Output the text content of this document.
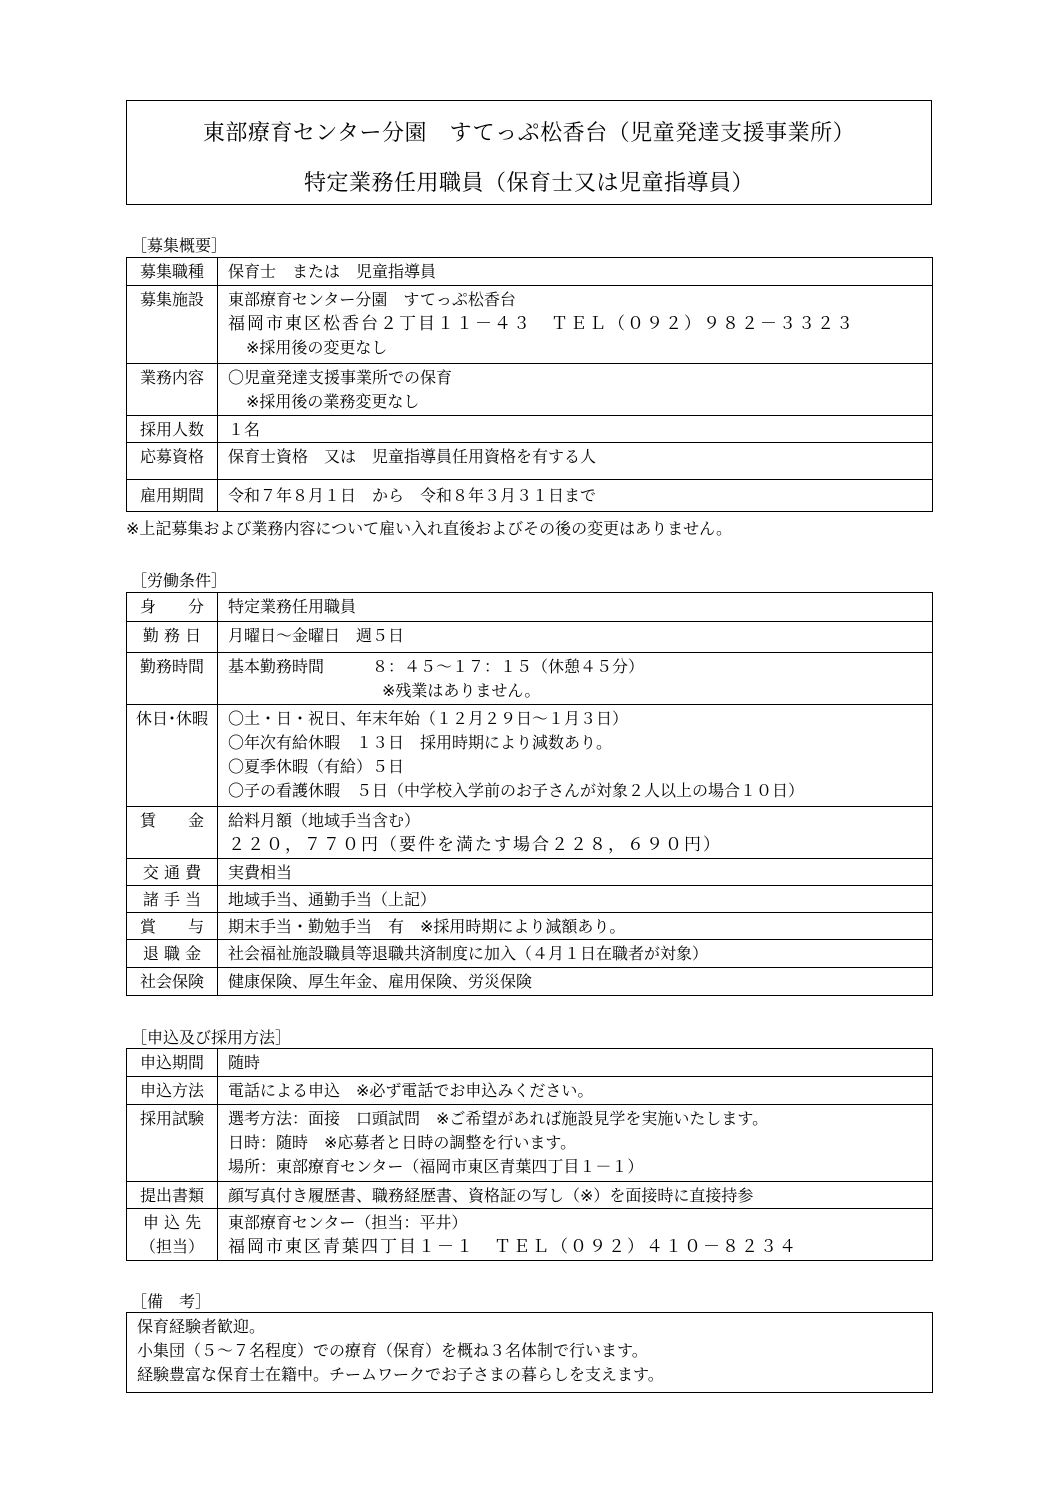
東部療育センター分園　すてっぷ松香台（児童発達支援事業所）
特定業務任用職員（保育士又は児童指導員）
［募集概要］
募集職種	保育士　または　児童指導員

募集施設	東部療育センター分園　すてっぷ松香台
福岡市東区松香台２丁目１１－４３　ＴＥＬ（０９２）９８２－３３２３
※採用後の変更なし

業務内容	〇児童発達支援事業所での保育
※採用後の業務変更なし

採用人数	１名

応募資格	保育士資格　又は　児童指導員任用資格を有する人

雇用期間	令和７年８月１日　から　令和８年３月３１日まで
※上記募集および業務内容について雇い入れ直後およびその後の変更はありません。
［労働条件］
身　　分	特定業務任用職員

勤 務 日	月曜日～金曜日　週５日

勤務時間	基本勤務時間　　　８：４５～１７：１５（休憩４５分）
※残業はありません。

休日･休暇	〇土・日・祝日、年末年始（１２月２９日～１月３日）
〇年次有給休暇　１３日　採用時期により減数あり。
〇夏季休暇（有給）５日
〇子の看護休暇　５日（中学校入学前のお子さんが対象２人以上の場合１０日）

賃　　金	給料月額（地域手当含む）
２２０，７７０円（要件を満たす場合２２８，６９０円）

交 通 費	実費相当

諸 手 当	地域手当、通勤手当（上記）

賞　　与	期末手当・勤勉手当　有　※採用時期により減額あり。

退 職 金	社会福祉施設職員等退職共済制度に加入（４月１日在職者が対象）

社会保険	健康保険、厚生年金、雇用保険、労災保険
［申込及び採用方法］
申込期間	随時

申込方法	電話による申込　※必ず電話でお申込みください。

採用試験	選考方法：面接　口頭試問　※ご希望があれば施設見学を実施いたします。
日時：随時　※応募者と日時の調整を行います。
場所：東部療育センター（福岡市東区青葉四丁目１－１）

提出書類	顔写真付き履歴書、職務経歴書、資格証の写し（※）を面接時に直接持参

申 込 先
（担当）	東部療育センター（担当：平井）
福岡市東区青葉四丁目１－１　ＴＥＬ（０９２）４１０－８２３４
［備　考］
保育経験者歓迎。
小集団（５～７名程度）での療育（保育）を概ね３名体制で行います。
経験豊富な保育士在籍中。チームワークでお子さまの暮らしを支えます。
